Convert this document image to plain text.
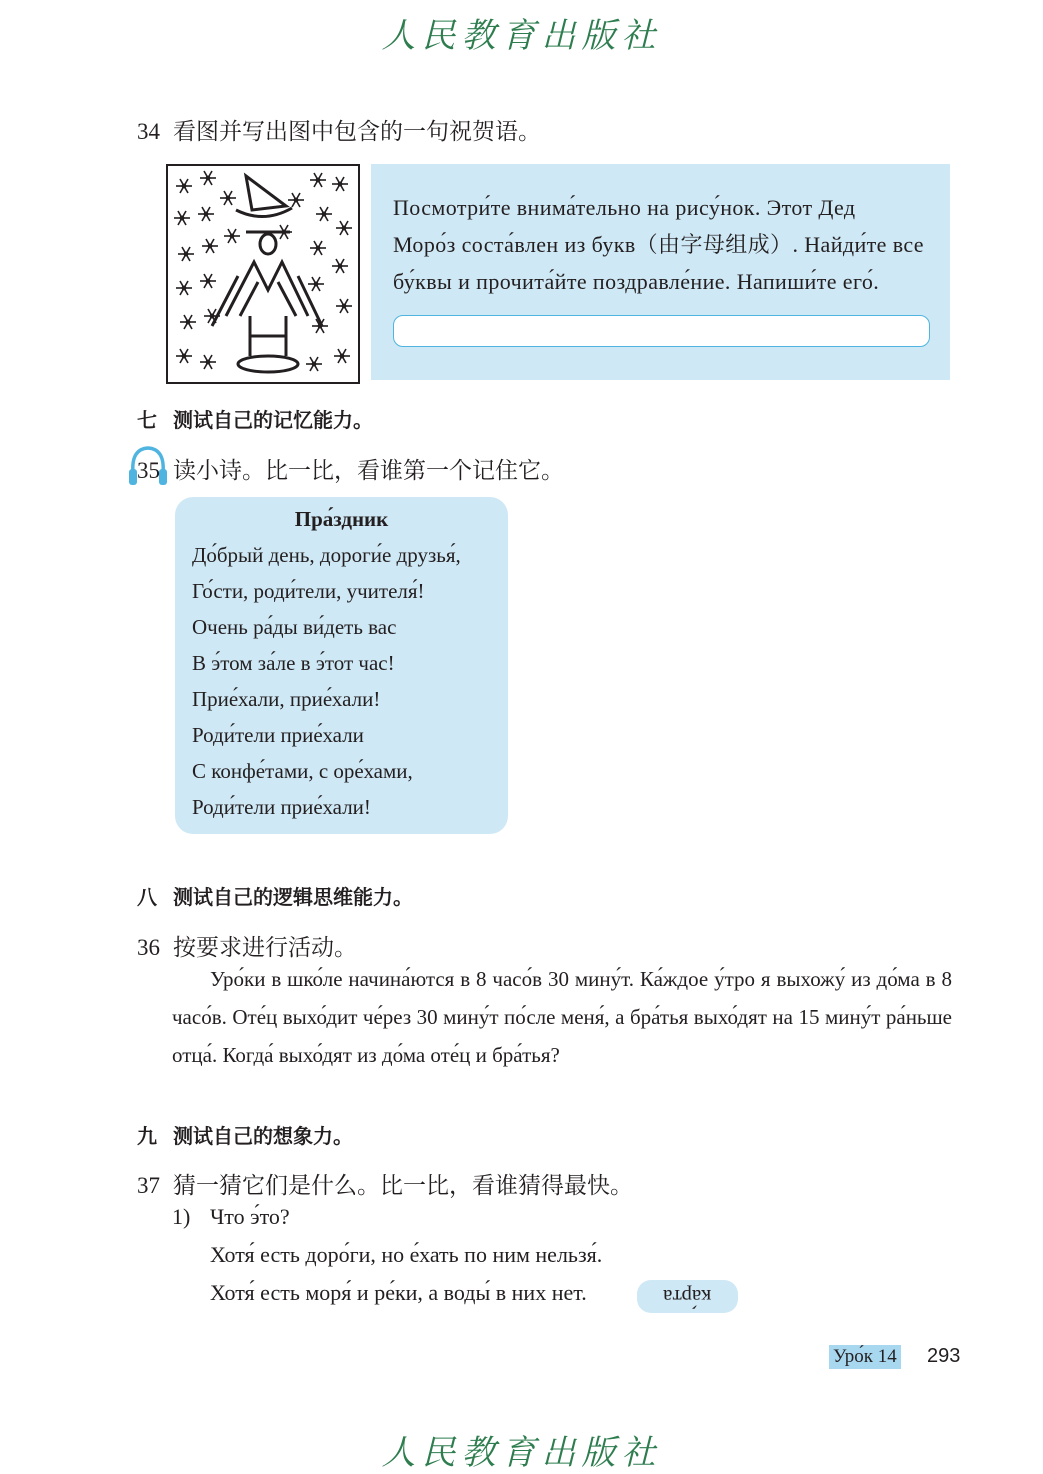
人民教育出版社
34 看图并写出图中包含的一句祝贺语。
Посмотри́те внима́тельно на рису́нок. Этот Дед
Моро́з соста́влен из букв（由字母组成）. Найди́те все
бу́квы и прочита́йте поздравле́ние. Напиши́те его́.
七 测试自己的记忆能力。
35 读小诗。比一比，看谁第一个记住它。
Пра́здник
До́брый день, дороги́е друзья́,
Го́сти, роди́тели, учителя́!
Очень ра́ды ви́деть вас
В э́том за́ле в э́тот час!
Прие́хали, прие́хали!
Роди́тели прие́хали
С конфе́тами, с оре́хами,
Роди́тели прие́хали!
八 测试自己的逻辑思维能力。
36 按要求进行活动。
Уро́ки в шко́ле начина́ются в 8 часо́в 30 мину́т. Ка́ждое у́тро я выхожу́ из до́ма в 8 часо́в. Оте́ц выхо́дит че́рез 30 мину́т по́сле меня́, а бра́тья выхо́дят на 15 мину́т ра́ньше отца́. Когда́ выхо́дят из до́ма оте́ц и бра́тья?
九 测试自己的想象力。
37 猜一猜它们是什么。比一比，看谁猜得最快。
1) Что э́то?
Хотя́ есть доро́ги, но е́хать по ним нельзя́.
Хотя́ есть моря́ и ре́ки, а воды́ в них нет.	ка́рта
Уро́к 14 293
人民教育出版社
